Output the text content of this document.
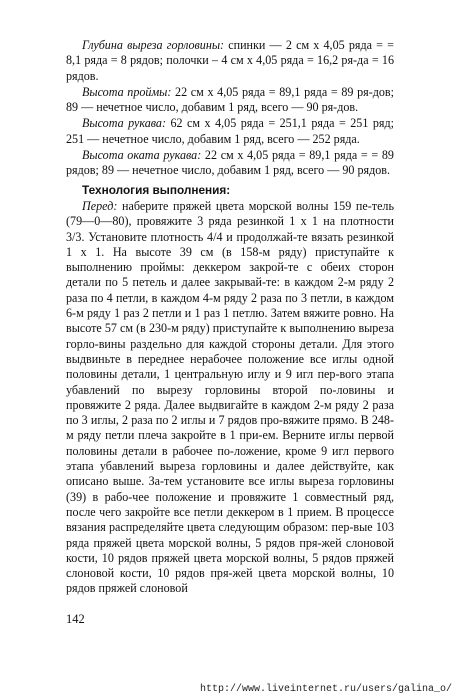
Глубина выреза горловины: спинки — 2 см х 4,05 ряда = = 8,1 ряда = 8 рядов; полочки – 4 см х 4,05 ряда = 16,2 ря-да = 16 рядов.

Высота проймы: 22 см х 4,05 ряда = 89,1 ряда = 89 ря-дов; 89 — нечетное число, добавим 1 ряд, всего — 90 ря-дов.

Высота рукава: 62 см х 4,05 ряда = 251,1 ряда = 251 ряд; 251 — нечетное число, добавим 1 ряд, всего — 252 ряда.

Высота оката рукава: 22 см х 4,05 ряда = 89,1 ряда = = 89 рядов; 89 — нечетное число, добавим 1 ряд, всего — 90 рядов.

Технология выполнения:

Перед: наберите пряжей цвета морской волны 159 пе-тель (79—0—80), провяжите 3 ряда резинкой 1 х 1 на плотности 3/3. Установите плотность 4/4 и продолжай-те вязать резинкой 1 х 1. На высоте 39 см (в 158-м ряду) приступайте к выполнению проймы: деккером закрой-те с обеих сторон детали по 5 петель и далее закрывай-те: в каждом 2-м ряду 2 раза по 4 петли, в каждом 4-м ряду 2 раза по 3 петли, в каждом 6-м ряду 1 раз 2 петли и 1 раз 1 петлю. Затем вяжите ровно. На высоте 57 см (в 230-м ряду) приступайте к выполнению выреза горло-вины раздельно для каждой стороны детали. Для этого выдвиньте в переднее нерабочее положение все иглы одной половины детали, 1 центральную иглу и 9 игл пер-вого этапа убавлений по вырезу горловины второй по-ловины и провяжите 2 ряда. Далее выдвигайте в каждом 2-м ряду 2 раза по 3 иглы, 2 раза по 2 иглы и 7 рядов про-вяжите прямо. В 248-м ряду петли плеча закройте в 1 при-ем. Верните иглы первой половины детали в рабочее по-ложение, кроме 9 игл первого этапа убавлений выреза горловины и далее действуйте, как описано выше. За-тем установите все иглы выреза горловины (39) в рабо-чее положение и провяжите 1 совместный ряд, после чего закройте все петли деккером в 1 прием. В процессе вязания распределяйте цвета следующим образом: пер-вые 103 ряда пряжей цвета морской волны, 5 рядов пря-жей слоновой кости, 10 рядов пряжей цвета морской волны, 5 рядов пряжей слоновой кости, 10 рядов пря-жей цвета морской волны, 10 рядов пряжей слоновой

142
http://www.liveinternet.ru/users/galina_o/
